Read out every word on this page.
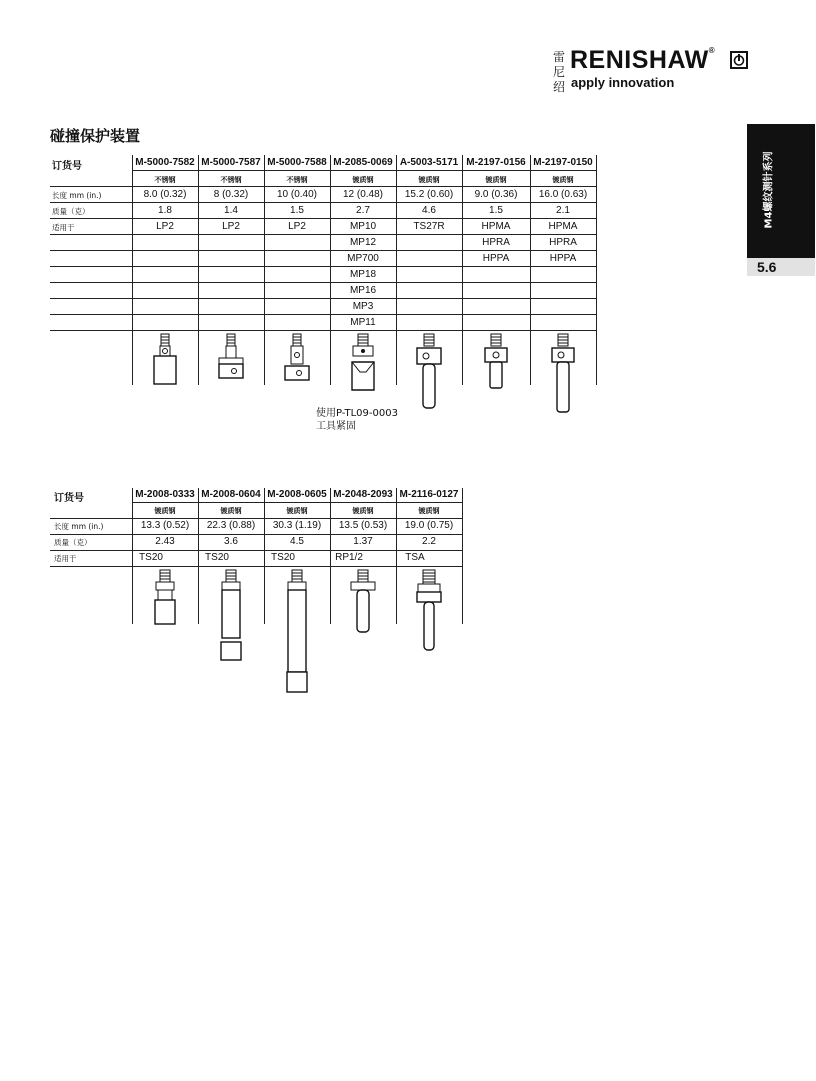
雷
尼
绍
RENISHAW®
apply innovation
M4螺纹测针系列
5.6
碰撞保护装置
订货号
长度 mm (in.)
质量（克）
适用于
M-5000-7582
不锈钢
8.0 (0.32)
1.8
LP2
M-5000-7587
不锈钢
8 (0.32)
1.4
LP2
M-5000-7588
不锈钢
10 (0.40)
1.5
LP2
M-2085-0069
镀质钢
12 (0.48)
2.7
MP10
MP12
MP700
MP18
MP16
MP3
MP11
A-5003-5171
镀质钢
15.2 (0.60)
4.6
TS27R
M-2197-0156
镀质钢
9.0 (0.36)
1.5
HPMA
HPRA
HPPA
M-2197-0150
镀质钢
16.0 (0.63)
2.1
HPMA
HPRA
HPPA
使用P-TL09-0003
工具紧固
订货号
长度 mm (in.)
质量（克）
适用于
M-2008-0333
镀质钢
13.3 (0.52)
2.43
TS20
M-2008-0604
镀质钢
22.3 (0.88)
3.6
TS20
M-2008-0605
镀质钢
30.3 (1.19)
4.5
TS20
M-2048-2093
镀质钢
13.5 (0.53)
1.37
RP1/2
M-2116-0127
镀质钢
19.0 (0.75)
2.2
TSA
